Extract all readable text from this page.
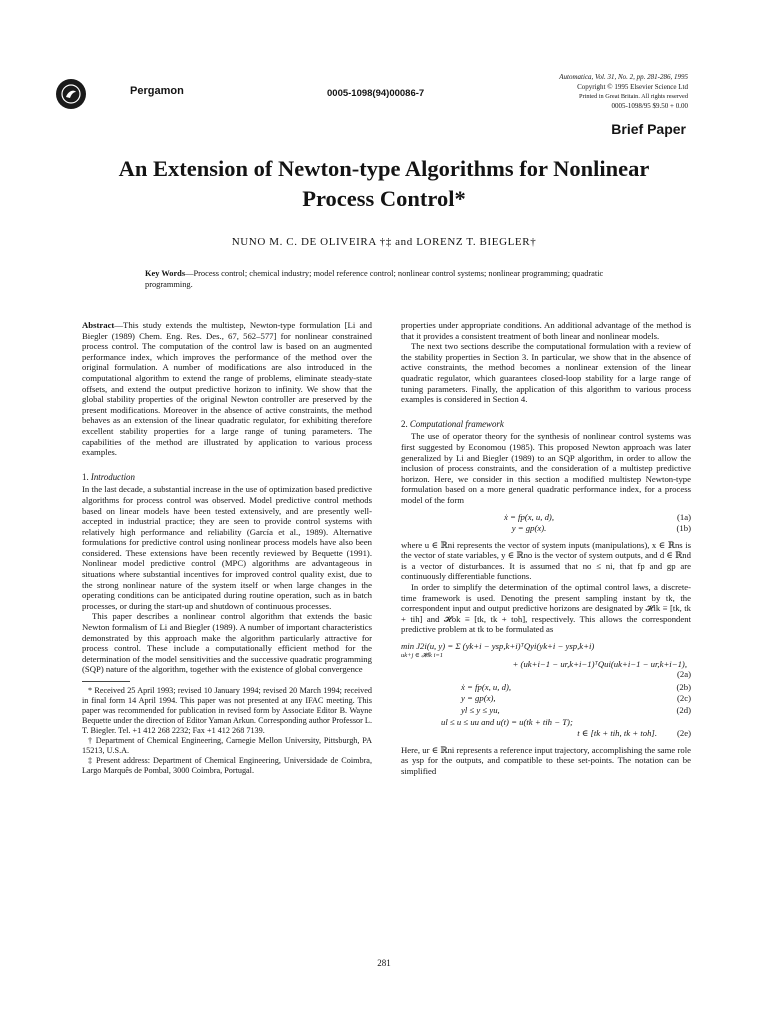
Pergamon	0005-1098(94)00086-7
Automatica, Vol. 31, No. 2, pp. 281-286, 1995
Copyright © 1995 Elsevier Science Ltd
Printed in Great Britain. All rights reserved
0005-1098/95 $9.50 + 0.00
Brief Paper
An Extension of Newton-type Algorithms for Nonlinear
Process Control*
NUNO M. C. DE OLIVEIRA †‡ and LORENZ T. BIEGLER†
Key Words—Process control; chemical industry; model reference control; nonlinear control systems; nonlinear programming; quadratic programming.

Abstract—This study extends the multistep, Newton-type formulation [Li and Biegler (1989) Chem. Eng. Res. Des., 67, 562–577] for nonlinear constrained process control. The computation of the control law is based on an augmented performance index, which improves the performance of the method over the original formulation. A number of modifications are also introduced in the computational algorithm to extend the range of problems, eliminate steady-state offsets, and extend the output predictive horizon to infinity. We show that the global stability properties of the original Newton controller are preserved by the present modifications. Moreover in the absence of active constraints, the method behaves as an extension of the linear quadratic regulator, for exhibiting therefore excellent stability properties for a large range of tuning parameters. The capabilities of the method are illustrated by application to various process examples.

1. Introduction

In the last decade, a substantial increase in the use of optimization based predictive algorithms for process control was observed. Model predictive control methods based on linear models have been tested extensively, and are presently well-accepted in industrial practice; they are seen to provide control systems with relatively high performance and reliability (García et al., 1989). Alternative formulations for predictive control using nonlinear process models have also been considered. These extensions have been recently reviewed by Bequette (1991). Nonlinear model predictive control (MPC) algorithms are advantageous in situations where substantial incentives for improved control quality exist, due to the strong nonlinear nature of the system itself or when large changes in the operating conditions can be anticipated during routine operation, such as in batch processes, or during the start-up and shutdown of continuous processes.

This paper describes a nonlinear control algorithm that extends the basic Newton formalism of Li and Biegler (1989). A number of important characteristics demonstrated by this approach make the algorithm particularly attractive for process control. These include a computationally efficient method for the determination of the model sensitivities and the successive quadratic programming (SQP) nature of the algorithm, together with the existence of global convergence

* Received 25 April 1993; revised 10 January 1994; revised 20 March 1994; received in final form 14 April 1994. This paper was not presented at any IFAC meeting. This paper was recommended for publication in revised form by Associate Editor B. Wayne Bequette under the direction of Editor Yaman Arkun. Corresponding author Professor L. T. Biegler. Tel. +1 412 268 2232; Fax +1 412 268 7139.

† Department of Chemical Engineering, Carnegie Mellon University, Pittsburgh, PA 15213, U.S.A.

‡ Present address: Department of Chemical Engineering, Universidade de Coimbra, Largo Marquês de Pombal, 3000 Coimbra, Portugal.

properties under appropriate conditions. An additional advantage of the method is that it provides a consistent treatment of both linear and nonlinear models.

The next two sections describe the computational formulation with a review of the stability properties in Section 3. In particular, we show that in the absence of active constraints, the method becomes a nonlinear extension of the linear quadratic regulator, which guarantees closed-loop stability for a large range of tuning parameters. Finally, the application of this algorithm to various process examples is considered in Section 4.

2. Computational framework

The use of operator theory for the synthesis of nonlinear control systems was first suggested by Economou (1985). This proposed Newton approach was later generalized by Li and Biegler (1989) to an SQP algorithm, in order to allow the inclusion of process constraints, and the consideration of a multistep predictive horizon. Here, we consider in this section a modified multistep Newton-type formulation based on a more general quadratic performance index, for a process model of the form

ẋ = fp(x, u, d),	(1a)
y = gp(x).	(1b)

where u ∈ ℝni represents the vector of system inputs (manipulations), x ∈ ℝns is the vector of state variables, y ∈ ℝno is the vector of system outputs, and d ∈ ℝnd is a vector of disturbances. It is assumed that no ≤ ni, that fp and gp are continuously differentiable functions.

In order to simplify the determination of the optimal control laws, a discrete-time framework is used. Denoting the present sampling instant by tk, the correspondent input and output predictive horizons are designated by 𝓗ik ≡ [tk, tk + tih] and 𝓗ok ≡ [tk, tk + toh], respectively. This allows the correspondent predictive problem at tk to be formulated as

min J2i(u, y) = Σ (yk+i − ysp,k+i)ᵀQyi(yk+i − ysp,k+i)
uk+j ∈ 𝓗ik i=1
+ (uk+i−1 − ur,k+i−1)ᵀQui(uk+i−1 − ur,k+i−1),
(2a)
ẋ = fp(x, u, d),	(2b)
y = gp(x),	(2c)
yl ≤ y ≤ yu,	(2d)
ul ≤ u ≤ uu and u(t) = u(tk + tih − T);
t ∈ [tk + tih, tk + toh].	(2e)

Here, ur ∈ ℝni represents a reference input trajectory, accomplishing the same role as ysp for the outputs, and compatible to these set-points. The notation can be simplified

281
